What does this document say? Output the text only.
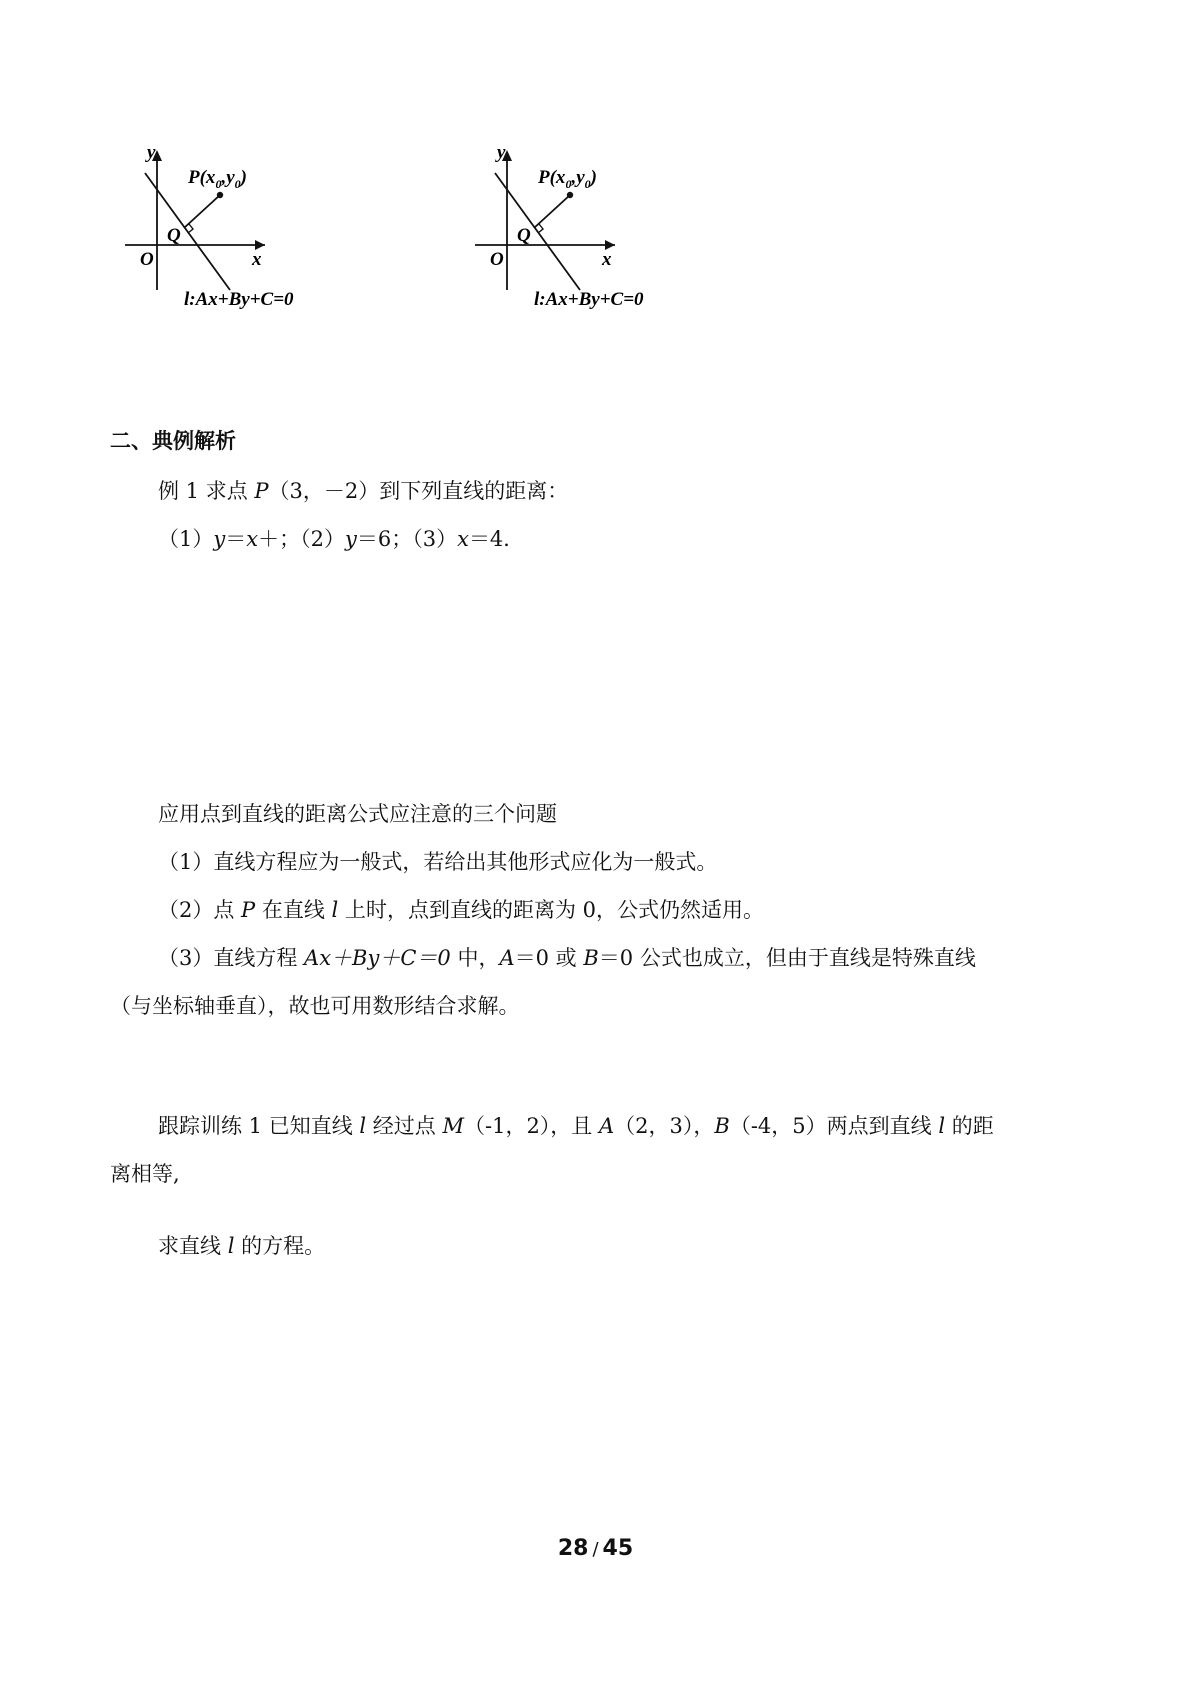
y
x
O
Q
$P(x_0,y_0)$
l:Ax+By+C=0
y
x
O
Q
$P(x_0,y_0)$
l:Ax+By+C=0
二、典例解析
例 1 求点 P（3，－2）到下列直线的距离：
（1）y＝x＋；（2）y＝6；（3）x＝4．
应用点到直线的距离公式应注意的三个问题
（1）直线方程应为一般式，若给出其他形式应化为一般式。
（2）点 P 在直线 l 上时，点到直线的距离为 0，公式仍然适用。
（3）直线方程 Ax＋By＋C＝0 中，A＝0 或 B＝0 公式也成立，但由于直线是特殊直线
（与坐标轴垂直），故也可用数形结合求解。
跟踪训练 1 已知直线 l 经过点 M（-1，2），且 A（2，3），B（-4，5）两点到直线 l 的距
离相等,
求直线 l 的方程。
28 / 45
